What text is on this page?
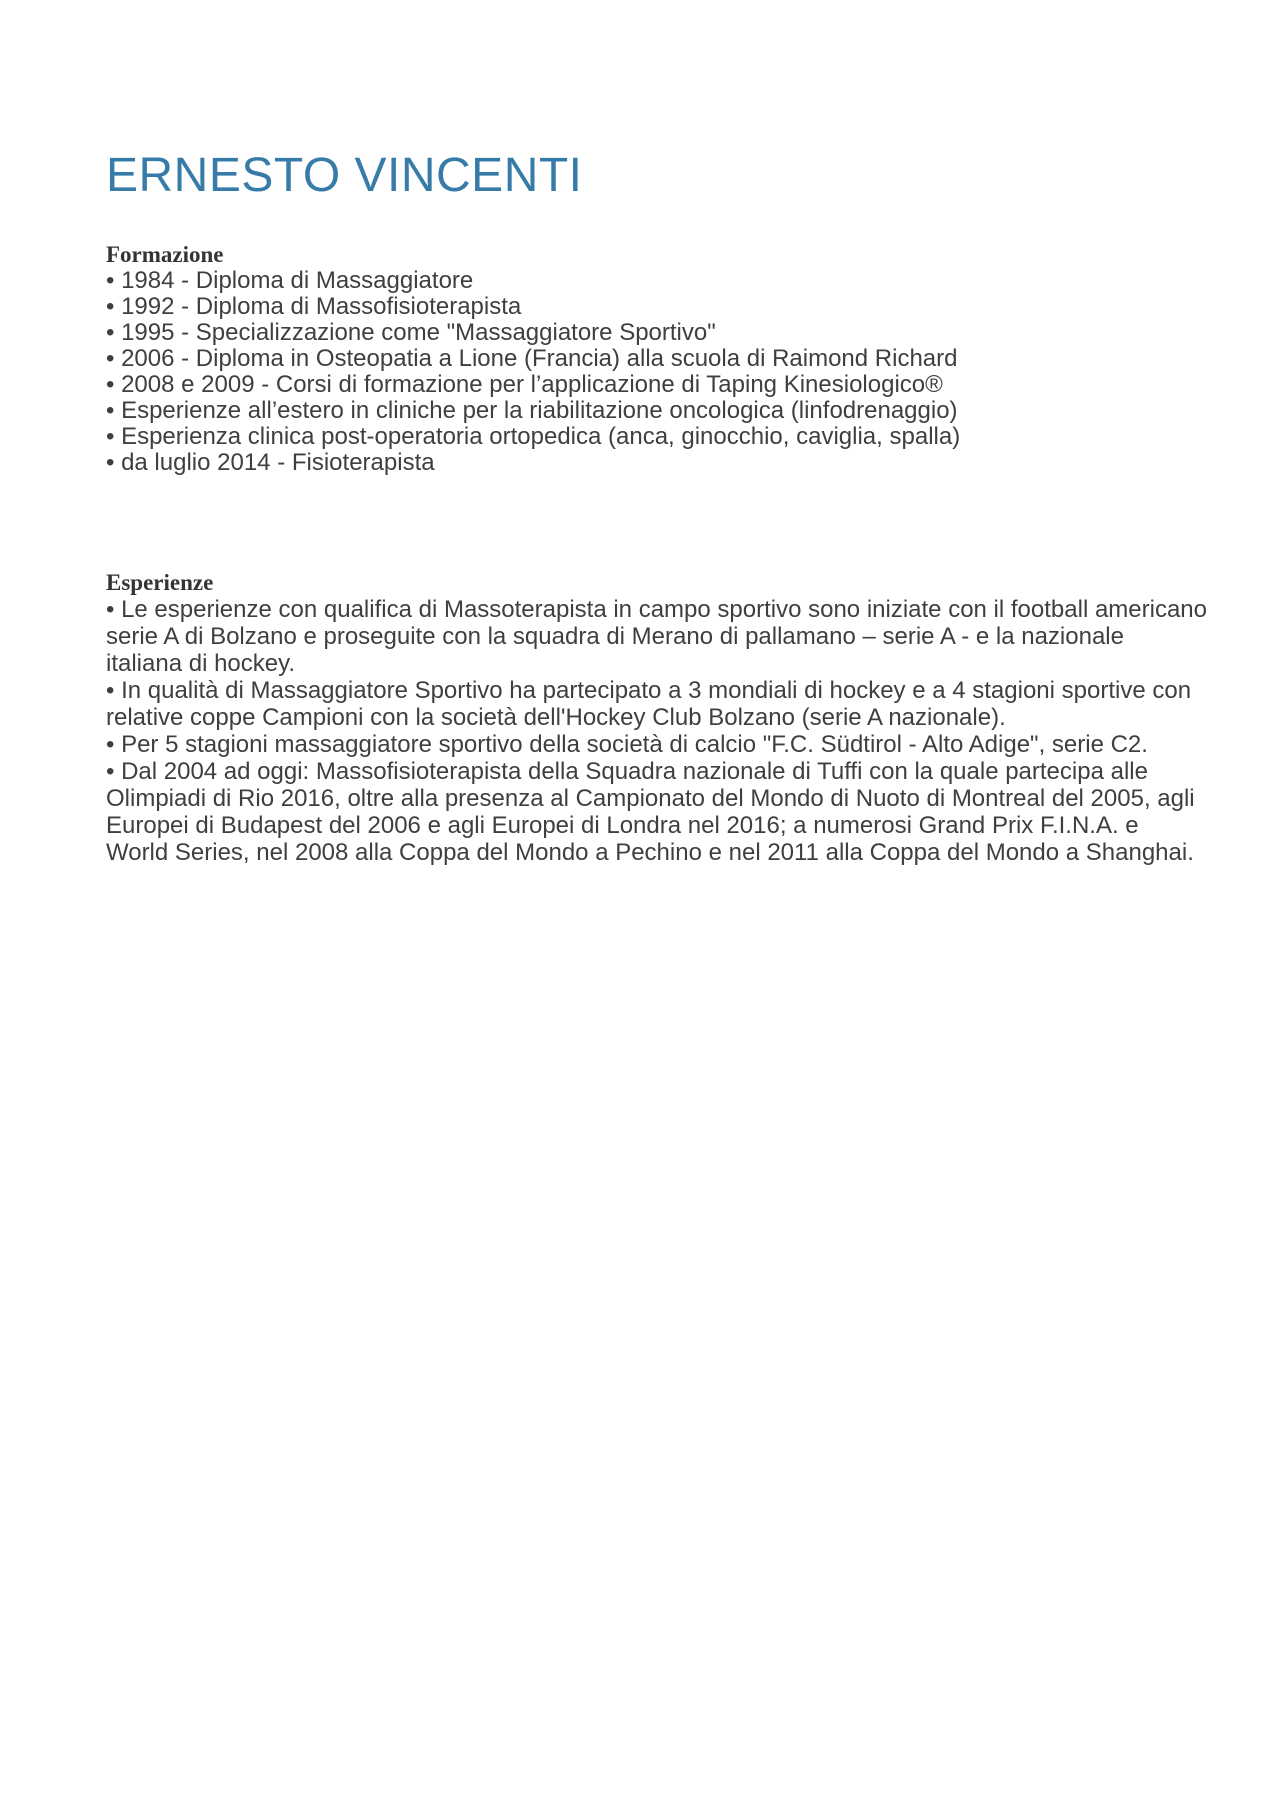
ERNESTO VINCENTI
Formazione

• 1984 - Diploma di Massaggiatore

• 1992 - Diploma di Massofisioterapista

• 1995 - Specializzazione come "Massaggiatore Sportivo"

• 2006 - Diploma in Osteopatia a Lione (Francia) alla scuola di Raimond Richard

• 2008 e 2009 - Corsi di formazione per l’applicazione di Taping Kinesiologico®

• Esperienze all’estero in cliniche per la riabilitazione oncologica (linfodrenaggio)

• Esperienza clinica post-operatoria ortopedica (anca, ginocchio, caviglia, spalla)

• da luglio 2014 - Fisioterapista

Esperienze

• Le esperienze con qualifica di Massoterapista in campo sportivo sono iniziate con il football americano

serie A di Bolzano e proseguite con la squadra di Merano di pallamano – serie A - e la nazionale

italiana di hockey.

• In qualità di Massaggiatore Sportivo ha partecipato a 3 mondiali di hockey e a 4 stagioni sportive con

relative coppe Campioni con la società dell'Hockey Club Bolzano (serie A nazionale).

• Per 5 stagioni massaggiatore sportivo della società di calcio "F.C. Südtirol - Alto Adige", serie C2.

• Dal 2004 ad oggi: Massofisioterapista della Squadra nazionale di Tuffi con la quale partecipa alle

Olimpiadi di Rio 2016, oltre alla presenza al Campionato del Mondo di Nuoto di Montreal del 2005, agli

Europei di Budapest del 2006 e agli Europei di Londra nel 2016; a numerosi Grand Prix F.I.N.A. e

World Series, nel 2008 alla Coppa del Mondo a Pechino e nel 2011 alla Coppa del Mondo a Shanghai.
